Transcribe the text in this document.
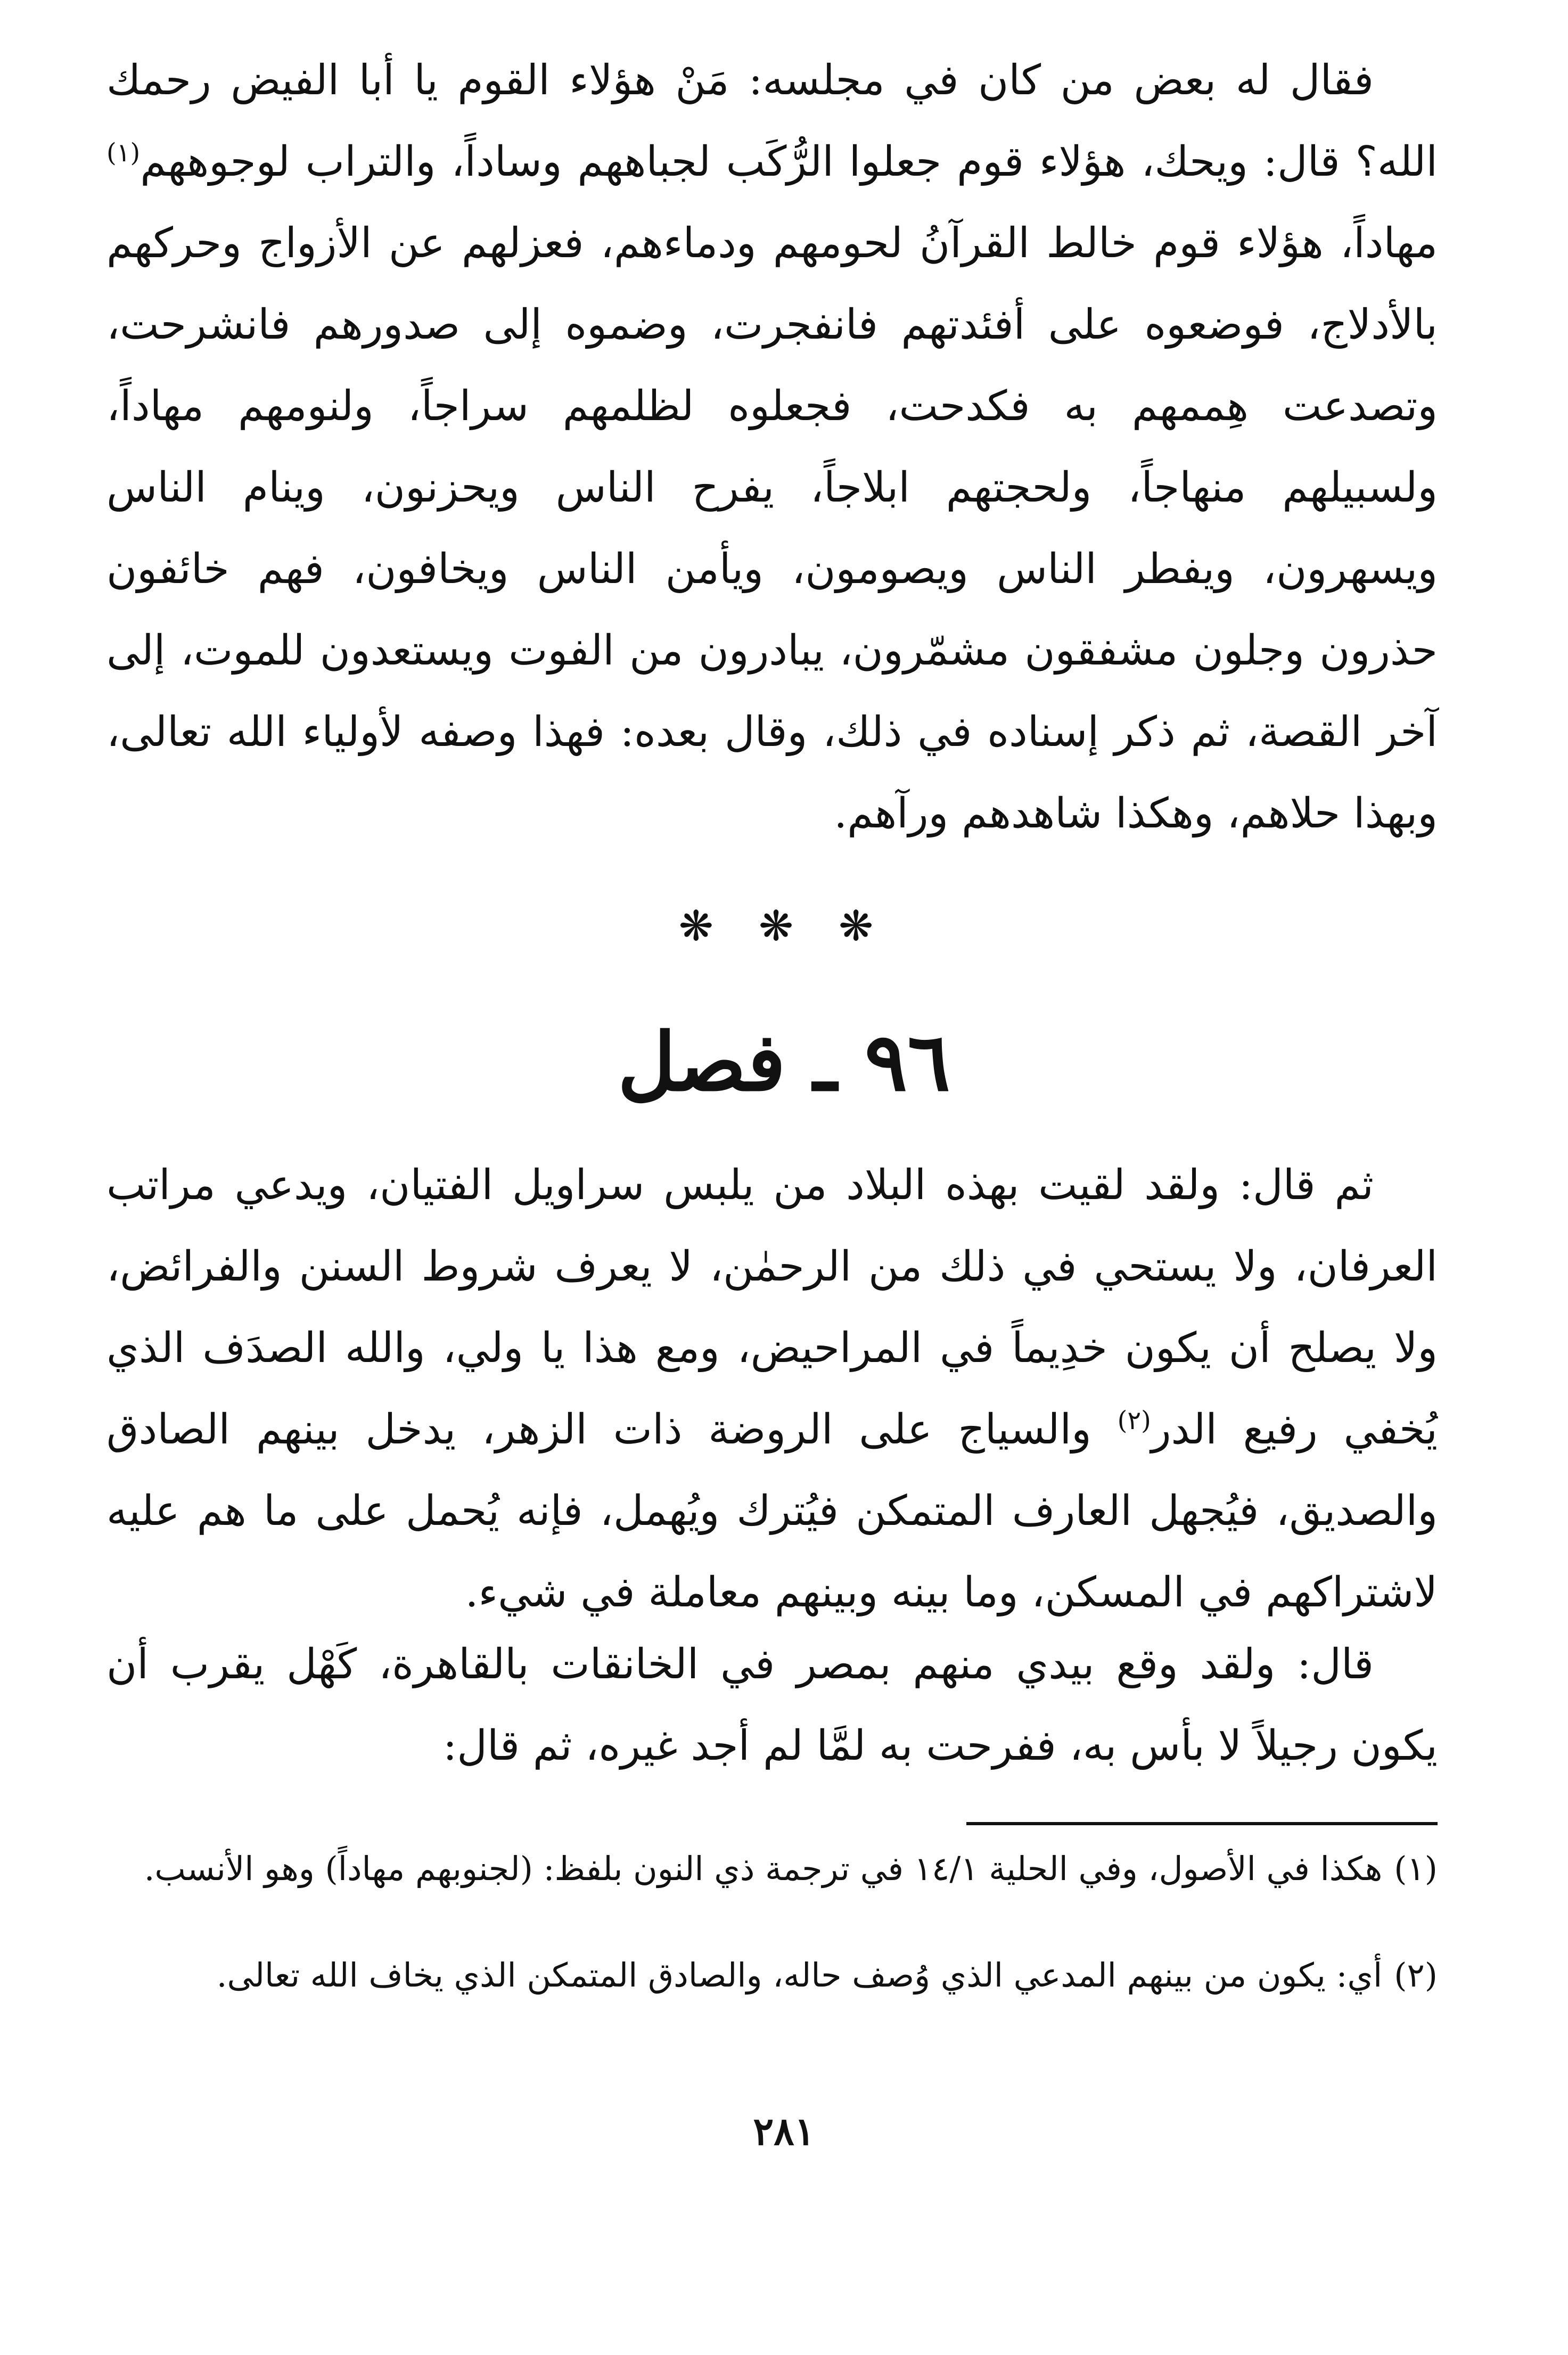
فقال له بعض من كان في مجلسه: مَنْ هؤلاء القوم يا أبا الفيض رحمك الله؟ قال: ويحك، هؤلاء قوم جعلوا الرُّكَب لجباههم وساداً، والتراب لوجوههم$^{(١)}$ مهاداً، هؤلاء قوم خالط القرآنُ لحومهم ودماءهم، فعزلهم عن الأزواج وحركهم بالأدلاج، فوضعوه على أفئدتهم فانفجرت، وضموه إلى صدورهم فانشرحت، وتصدعت هِممهم به فكدحت، فجعلوه لظلمهم سراجاً، ولنومهم مهاداً، ولسبيلهم منهاجاً، ولحجتهم ابلاجاً، يفرح الناس ويحزنون، وينام الناس ويسهرون، ويفطر الناس ويصومون، ويأمن الناس ويخافون، فهم خائفون حذرون وجلون مشفقون مشمّرون، يبادرون من الفوت ويستعدون للموت، إلى آخر القصة، ثم ذكر إسناده في ذلك، وقال بعده: فهذا وصفه لأولياء الله تعالى، وبهذا حلاهم، وهكذا شاهدهم ورآهم.

❋ ❋ ❋
٩٦ ـ فصل

ثم قال: ولقد لقيت بهذه البلاد من يلبس سراويل الفتيان، ويدعي مراتب العرفان، ولا يستحي في ذلك من الرحمٰن، لا يعرف شروط السنن والفرائض، ولا يصلح أن يكون خدِيماً في المراحيض، ومع هذا يا ولي، والله الصدَف الذي يُخفي رفيع الدر$^{(٢)}$ والسياج على الروضة ذات الزهر، يدخل بينهم الصادق والصديق، فيُجهل العارف المتمكن فيُترك ويُهمل، فإنه يُحمل على ما هم عليه لاشتراكهم في المسكن، وما بينه وبينهم معاملة في شيء.

قال: ولقد وقع بيدي منهم بمصر في الخانقات بالقاهرة، كَهْل يقرب أن يكون رجيلاً لا بأس به، ففرحت به لمَّا لم أجد غيره، ثم قال:

(١)هكذا في الأصول، وفي الحلية ١٤/١ في ترجمة ذي النون بلفظ: (لجنوبهم مهاداً) وهو الأنسب.

(٢)أي: يكون من بينهم المدعي الذي وُصف حاله، والصادق المتمكن الذي يخاف الله تعالى.

٢٨١
